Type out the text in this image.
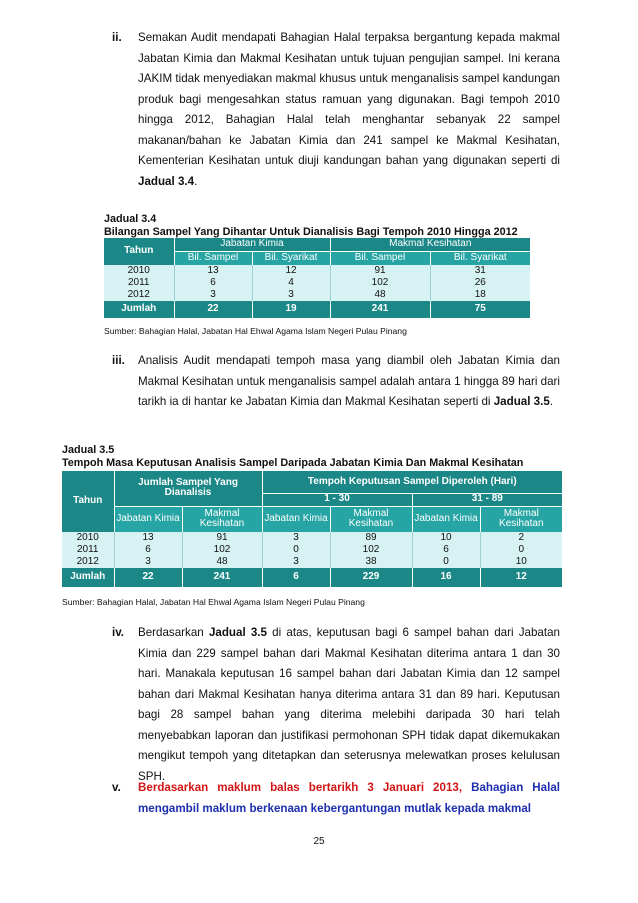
ii. Semakan Audit mendapati Bahagian Halal terpaksa bergantung kepada makmal Jabatan Kimia dan Makmal Kesihatan untuk tujuan pengujian sampel. Ini kerana JAKIM tidak menyediakan makmal khusus untuk menganalisis sampel kandungan produk bagi mengesahkan status ramuan yang digunakan. Bagi tempoh 2010 hingga 2012, Bahagian Halal telah menghantar sebanyak 22 sampel makanan/bahan ke Jabatan Kimia dan 241 sampel ke Makmal Kesihatan, Kementerian Kesihatan untuk diuji kandungan bahan yang digunakan seperti di Jadual 3.4.
Jadual 3.4
Bilangan Sampel Yang Dihantar Untuk Dianalisis Bagi Tempoh 2010 Hingga 2012
Tahun	Jabatan Kimia		Makmal Kesihatan	
	Bil. Sampel	Bil. Syarikat	Bil. Sampel	Bil. Syarikat
2010	13	12	91	31
2011	6	4	102	26
2012	3	3	48	18
Jumlah	22	19	241	75
Sumber: Bahagian Halal, Jabatan Hal Ehwal Agama Islam Negeri Pulau Pinang
iii. Analisis Audit mendapati tempoh masa yang diambil oleh Jabatan Kimia dan Makmal Kesihatan untuk menganalisis sampel adalah antara 1 hingga 89 hari dari tarikh ia di hantar ke Jabatan Kimia dan Makmal Kesihatan seperti di Jadual 3.5.
Jadual 3.5
Tempoh Masa Keputusan Analisis Sampel Daripada Jabatan Kimia Dan Makmal Kesihatan
Tahun	Jumlah Sampel Yang Dianalisis		Tempoh Keputusan Sampel Diperoleh (Hari)			
			1 - 30		31 - 89	
	Jabatan Kimia	Makmal Kesihatan	Jabatan Kimia	Makmal Kesihatan	Jabatan Kimia	Makmal Kesihatan
2010	13	91	3	89	10	2
2011	6	102	0	102	6	0
2012	3	48	3	38	0	10
Jumlah	22	241	6	229	16	12
Sumber: Bahagian Halal, Jabatan Hal Ehwal Agama Islam Negeri Pulau Pinang
iv. Berdasarkan Jadual 3.5 di atas, keputusan bagi 6 sampel bahan dari Jabatan Kimia dan 229 sampel bahan dari Makmal Kesihatan diterima antara 1 dan 30 hari. Manakala keputusan 16 sampel bahan dari Jabatan Kimia dan 12 sampel bahan dari Makmal Kesihatan hanya diterima antara 31 dan 89 hari. Keputusan bagi 28 sampel bahan yang diterima melebihi daripada 30 hari telah menyebabkan laporan dan justifikasi permohonan SPH tidak dapat dikemukakan mengikut tempoh yang ditetapkan dan seterusnya melewatkan proses kelulusan SPH.
v. Berdasarkan maklum balas bertarikh 3 Januari 2013, Bahagian Halal mengambil maklum berkenaan kebergantungan mutlak kepada makmal
25
